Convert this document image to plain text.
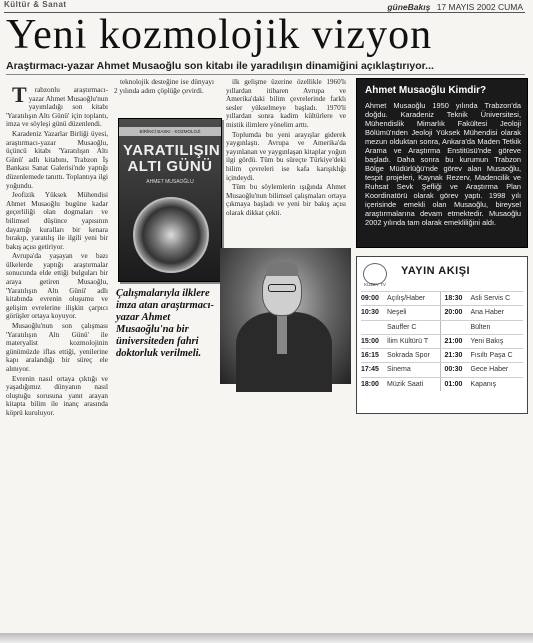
Kültür & Sanat	güneBakış 17 MAYIS 2002 CUMA
Yeni kozmolojik vizyon
Araştırmacı-yazar Ahmet Musaoğlu son kitabı ile yaradılışın dinamiğini açıklaştırıyor...

Trabzonlu araştırmacı-yazar Ahmet Musaoğlu'nun yayımladığı son kitabı 'Yaratılışın Altı Günü' için toplantı, imza ve söyleşi günü düzenlendi.

Karadeniz Yazarlar Birliği üyesi, araştırmacı-yazar Musaoğlu, üçüncü kitabı 'Yaratılışın Altı Günü' adlı kitabını, Trabzon İş Bankası Sanat Galerisi'nde yaptığı düzenlemede tanıttı. Toplantıya ilgi yoğundu.

Jeofizik Yüksek Mühendisi Ahmet Musaoğlu bugüne kadar geçerliliği olan dogmaları ve bilimsel düşünce yapısının dayattığı kuralları bir kenara bırakıp, yaratılış ile ilgili yeni bir bakış açısı getiriyor.

Avrupa'da yaşayan ve bazı ülkelerde yaptığı araştırmalar sonucunda elde ettiği bulguları bir araya getiren Musaoğlu, 'Yaratılışın Altı Günü' adlı kitabında evrenin oluşumu ve gelişim evrelerine ilişkin çarpıcı görüşler ortaya koyuyor.

Musaoğlu'nun son çalışması 'Yaratılışın Altı Günü' ile materyalist kozmolojinin günümüzde iflas ettiği, yenilerine kapı aralandığı bir süreç ele alınıyor.

Evrenin nasıl ortaya çıktığı ve yaşadığımız dünyanın nasıl oluştuğu sorusuna yanıt arayan kitapta bilim ile inanç arasında köprü kuruluyor.

teknolojik desteğine ise dünyayı 2 yılında adım çöplüğe çevirdi.

BİRİNCİ BASKI · KOZMOLOJİ
YARATILIŞIN ALTI GÜNÜ
AHMET MUSAOĞLU

ilk gelişme üzerine özellikle 1960'lı yıllardan itibaren Avrupa ve Amerika'daki bilim çevrelerinde farklı sesler yükselmeye başladı. 1970'li yıllardan sonra kadim kültürlere ve mistik ilimlere yönelim arttı.

Toplumda bu yeni arayışlar giderek yaygınlaştı. Avrupa ve Amerika'da yayınlanan ve yaygınlaşan kitaplar yoğun ilgi gördü. Tüm bu süreçte Türkiye'deki bilim çevreleri ise kafa karışıklığı içindeydi.

Tüm bu söylemlerin ışığında Ahmet Musaoğlu'nun bilimsel çalışmaları ortaya çıkmaya başladı ve yeni bir bakış açısı olarak dikkat çekti.

Çalışmalarıyla ilklere imza atan araştırmacı-yazar Ahmet Musaoğlu'na bir üniversiteden fahri doktorluk verilmeli.
Ahmet Musaoğlu Kimdir?
Ahmet Musaoğlu 1950 yılında Trabzon'da doğdu. Karadeniz Teknik Üniversitesi, Mühendislik Mimarlık Fakültesi Jeoloji Bölümü'nden Jeoloji Yüksek Mühendisi olarak mezun olduktan sonra, Ankara'da Maden Tetkik Arama ve Araştırma Enstitüsü'nde göreve başladı. Daha sonra bu kurumun Trabzon Bölge Müdürlüğü'nde görev alan Musaoğlu, tespit projeleri, Kaynak Rezerv, Madencilik ve Ruhsat Sevk Şefliği ve Araştırma Plan Koordinatörü olarak görev yaptı. 1998 yılı içerisinde emekli olan Musaoğlu, bireysel araştırmalarına devam etmektedir. Musaoğlu 2002 yılında tam olarak emekliliğini aldı.
KUZEY TV
YAYIN AKIŞI
09:00	Açılış/Haber	18:30	Asli Servis C
10:30	Neşeli	20:00	Ana Haber
Sauffer C	Bülten
15:00	İlim Kültürü T 21:00	Yeni Bakış
16:15	Sokrada Spor 21:30	Fısıltı Paşa C
17:45	Sinema	00:30	Gece Haber
18:00	Müzik Saati	01:00	Kapanış
